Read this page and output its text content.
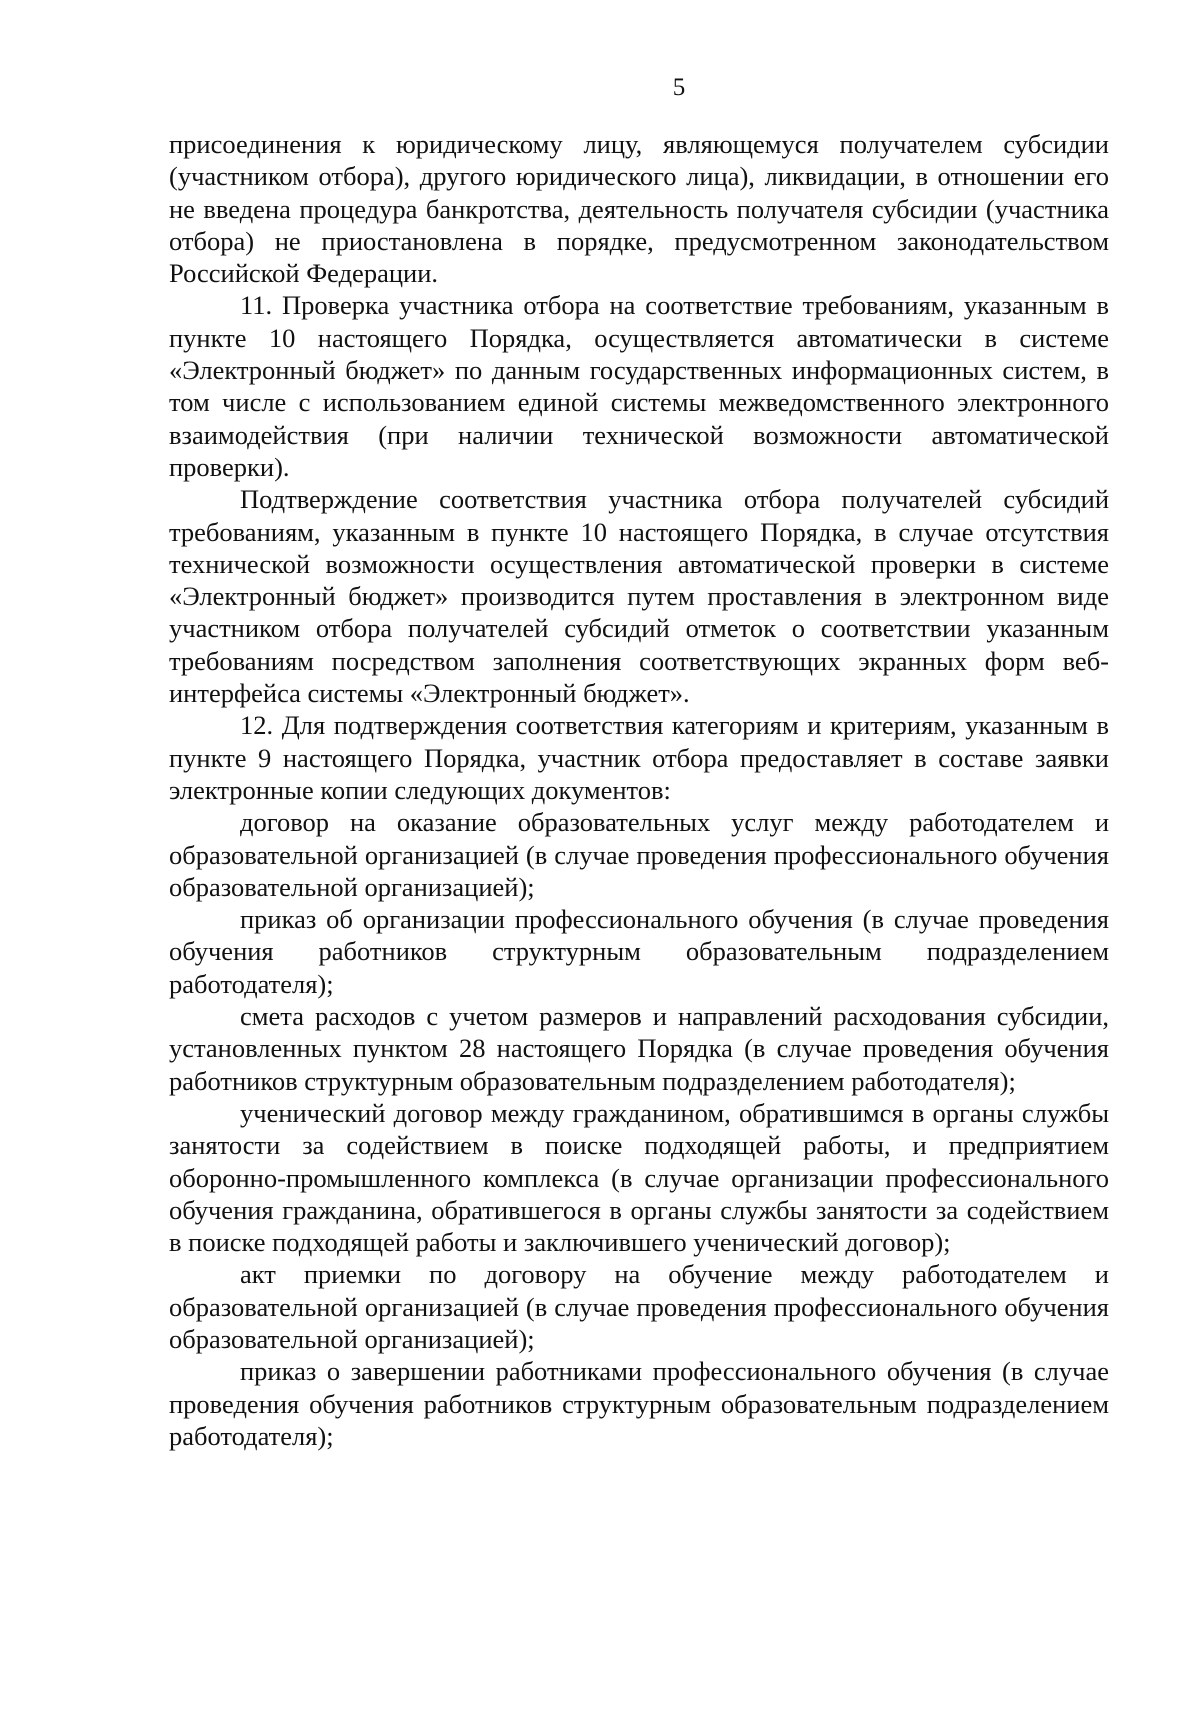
5

присоединения к юридическому лицу, являющемуся получателем субсидии (участником отбора), другого юридического лица), ликвидации, в отношении его не введена процедура банкротства, деятельность получателя субсидии (участника отбора) не приостановлена в порядке, предусмотренном законодательством Российской Федерации.

11. Проверка участника отбора на соответствие требованиям, указанным в пункте 10 настоящего Порядка, осуществляется автоматически в системе «Электронный бюджет» по данным государственных информационных систем, в том числе с использованием единой системы межведомственного электронного взаимодействия (при наличии технической возможности автоматической проверки).

Подтверждение соответствия участника отбора получателей субсидий требованиям, указанным в пункте 10 настоящего Порядка, в случае отсутствия технической возможности осуществления автоматической проверки в системе «Электронный бюджет» производится путем проставления в электронном виде участником отбора получателей субсидий отметок о соответствии указанным требованиям посредством заполнения соответствующих экранных форм веб-интерфейса системы «Электронный бюджет».

12. Для подтверждения соответствия категориям и критериям, указанным в пункте 9 настоящего Порядка, участник отбора предоставляет в составе заявки электронные копии следующих документов:

договор на оказание образовательных услуг между работодателем и образовательной организацией (в случае проведения профессионального обучения образовательной организацией);

приказ об организации профессионального обучения (в случае проведения обучения работников структурным образовательным подразделением работодателя);

смета расходов с учетом размеров и направлений расходования субсидии, установленных пунктом 28 настоящего Порядка (в случае проведения обучения работников структурным образовательным подразделением работодателя);

ученический договор между гражданином, обратившимся в органы службы занятости за содействием в поиске подходящей работы, и предприятием оборонно-промышленного комплекса (в случае организации профессионального обучения гражданина, обратившегося в органы службы занятости за содействием в поиске подходящей работы и заключившего ученический договор);

акт приемки по договору на обучение между работодателем и образовательной организацией (в случае проведения профессионального обучения образовательной организацией);

приказ о завершении работниками профессионального обучения (в случае проведения обучения работников структурным образовательным подразделением работодателя);
